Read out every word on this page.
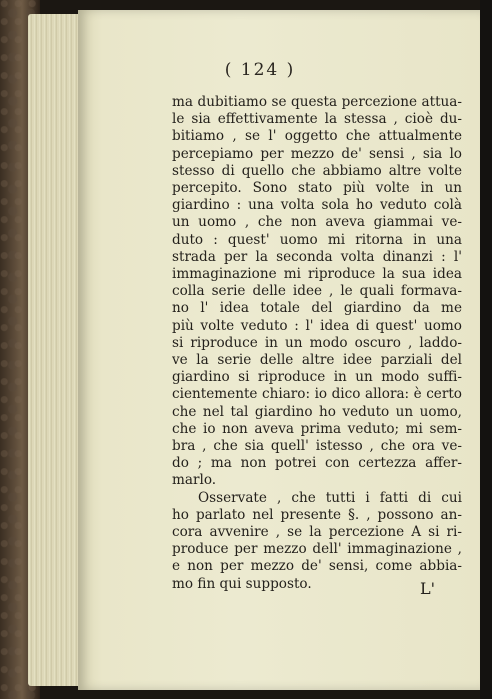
( 124 )
ma dubitiamo se questa percezione attua-
le sia effettivamente la stessa , cioè du-
bitiamo , se l' oggetto che attualmente
percepiamo per mezzo de' sensi , sia lo
stesso di quello che abbiamo altre volte
percepito. Sono stato più volte in un
giardino : una volta sola ho veduto colà
un uomo , che non aveva giammai ve-
duto : quest' uomo mi ritorna in una
strada per la seconda volta dinanzi : l'
immaginazione mi riproduce la sua idea
colla serie delle idee , le quali formava-
no l' idea totale del giardino da me
più volte veduto : l' idea di quest' uomo
si riproduce in un modo oscuro , laddo-
ve la serie delle altre idee parziali del
giardino si riproduce in un modo suffi-
cientemente chiaro: io dico allora: è certo
che nel tal giardino ho veduto un uomo,
che io non aveva prima veduto; mi sem-
bra , che sia quell' istesso , che ora ve-
do ; ma non potrei con certezza affer-
marlo.
Osservate , che tutti i fatti di cui
ho parlato nel presente §. , possono an-
cora avvenire , se la percezione A si ri-
produce per mezzo dell' immaginazione ,
e non per mezzo de' sensi, come abbia-
mo fin qui supposto.	L'
